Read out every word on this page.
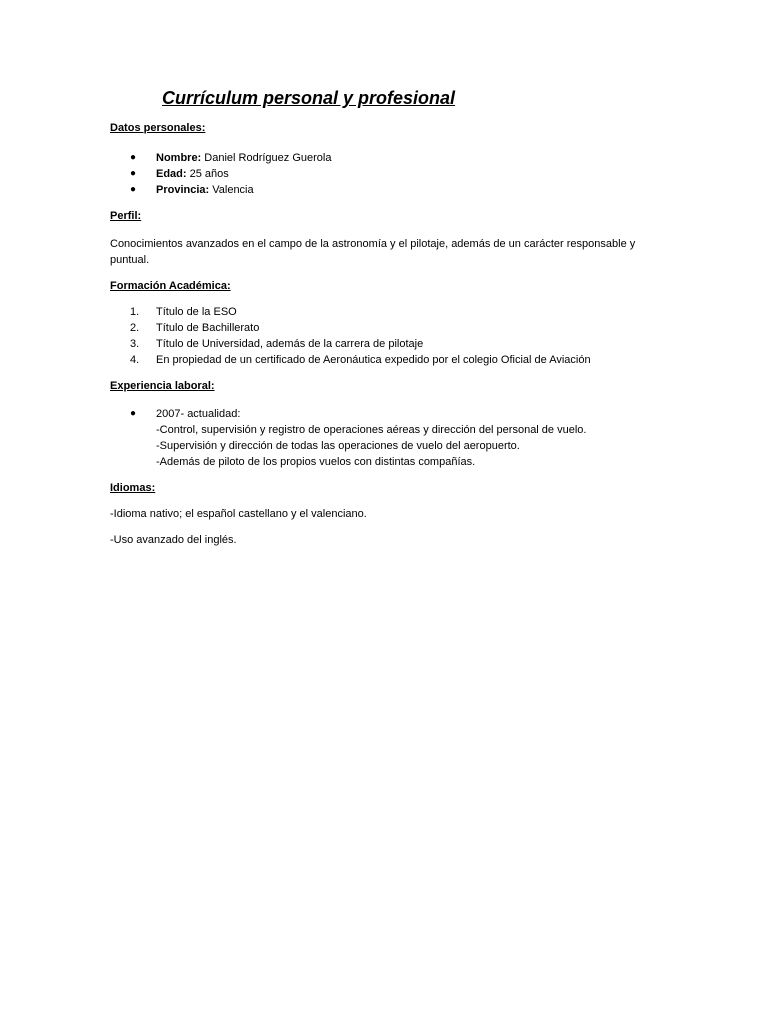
Currículum personal y profesional

Datos personales:

●	Nombre: Daniel Rodríguez Guerola
●	Edad: 25 años
●	Provincia: Valencia

Perfil:

Conocimientos avanzados en el campo de la astronomía y el pilotaje, además de un carácter responsable y puntual.

Formación Académica:

1.	Título de la ESO
2.	Título de Bachillerato
3.	Título de Universidad, además de la carrera de pilotaje
4.	En propiedad de un certificado de Aeronáutica expedido por el colegio Oficial de Aviación

Experiencia laboral:

●	2007- actualidad:
-Control, supervisión y registro de operaciones aéreas y dirección del personal de vuelo.
-Supervisión y dirección de todas las operaciones de vuelo del aeropuerto.
-Además de piloto de los propios vuelos con distintas compañías.

Idiomas:

-Idioma nativo; el español castellano y el valenciano.

-Uso avanzado del inglés.
